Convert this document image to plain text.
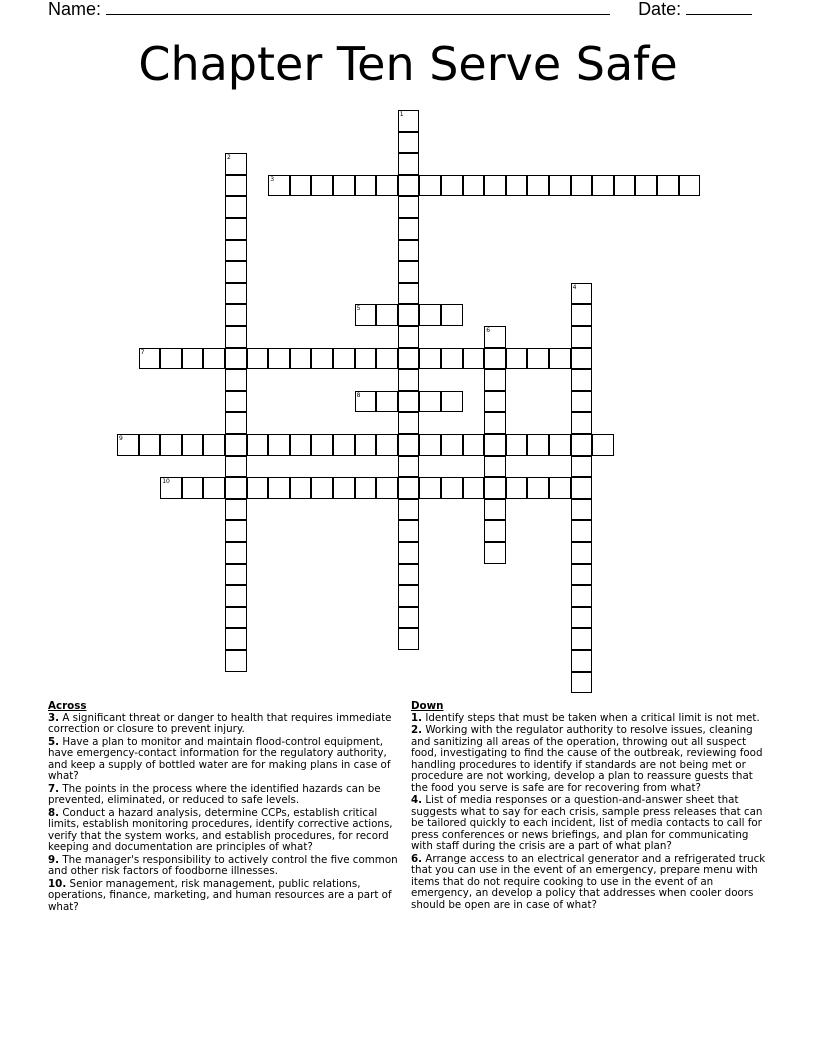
Name:	Date:
Chapter Ten Serve Safe
1
2
3
4
5
6
7
8
9
10
Across
3. A significant threat or danger to health that requires immediate correction or closure to prevent injury.
5. Have a plan to monitor and maintain flood-control equipment, have emergency-contact information for the regulatory authority, and keep a supply of bottled water are for making plans in case of what?
7. The points in the process where the identified hazards can be prevented, eliminated, or reduced to safe levels.
8. Conduct a hazard analysis, determine CCPs, establish critical limits, establish monitoring procedures, identify corrective actions, verify that the system works, and establish procedures, for record keeping and documentation are principles of what?
9. The manager's responsibility to actively control the five common and other risk factors of foodborne illnesses.
10. Senior management, risk management, public relations, operations, finance, marketing, and human resources are a part of what?
Down
1. Identify steps that must be taken when a critical limit is not met.
2. Working with the regulator authority to resolve issues, cleaning and sanitizing all areas of the operation, throwing out all suspect food, investigating to find the cause of the outbreak, reviewing food handling procedures to identify if standards are not being met or procedure are not working, develop a plan to reassure guests that the food you serve is safe are for recovering from what?
4. List of media responses or a question-and-answer sheet that suggests what to say for each crisis, sample press releases that can be tailored quickly to each incident, list of media contacts to call for press conferences or news briefings, and plan for communicating with staff during the crisis are a part of what plan?
6. Arrange access to an electrical generator and a refrigerated truck that you can use in the event of an emergency, prepare menu with items that do not require cooking to use in the event of an emergency, an develop a policy that addresses when cooler doors should be open are in case of what?
